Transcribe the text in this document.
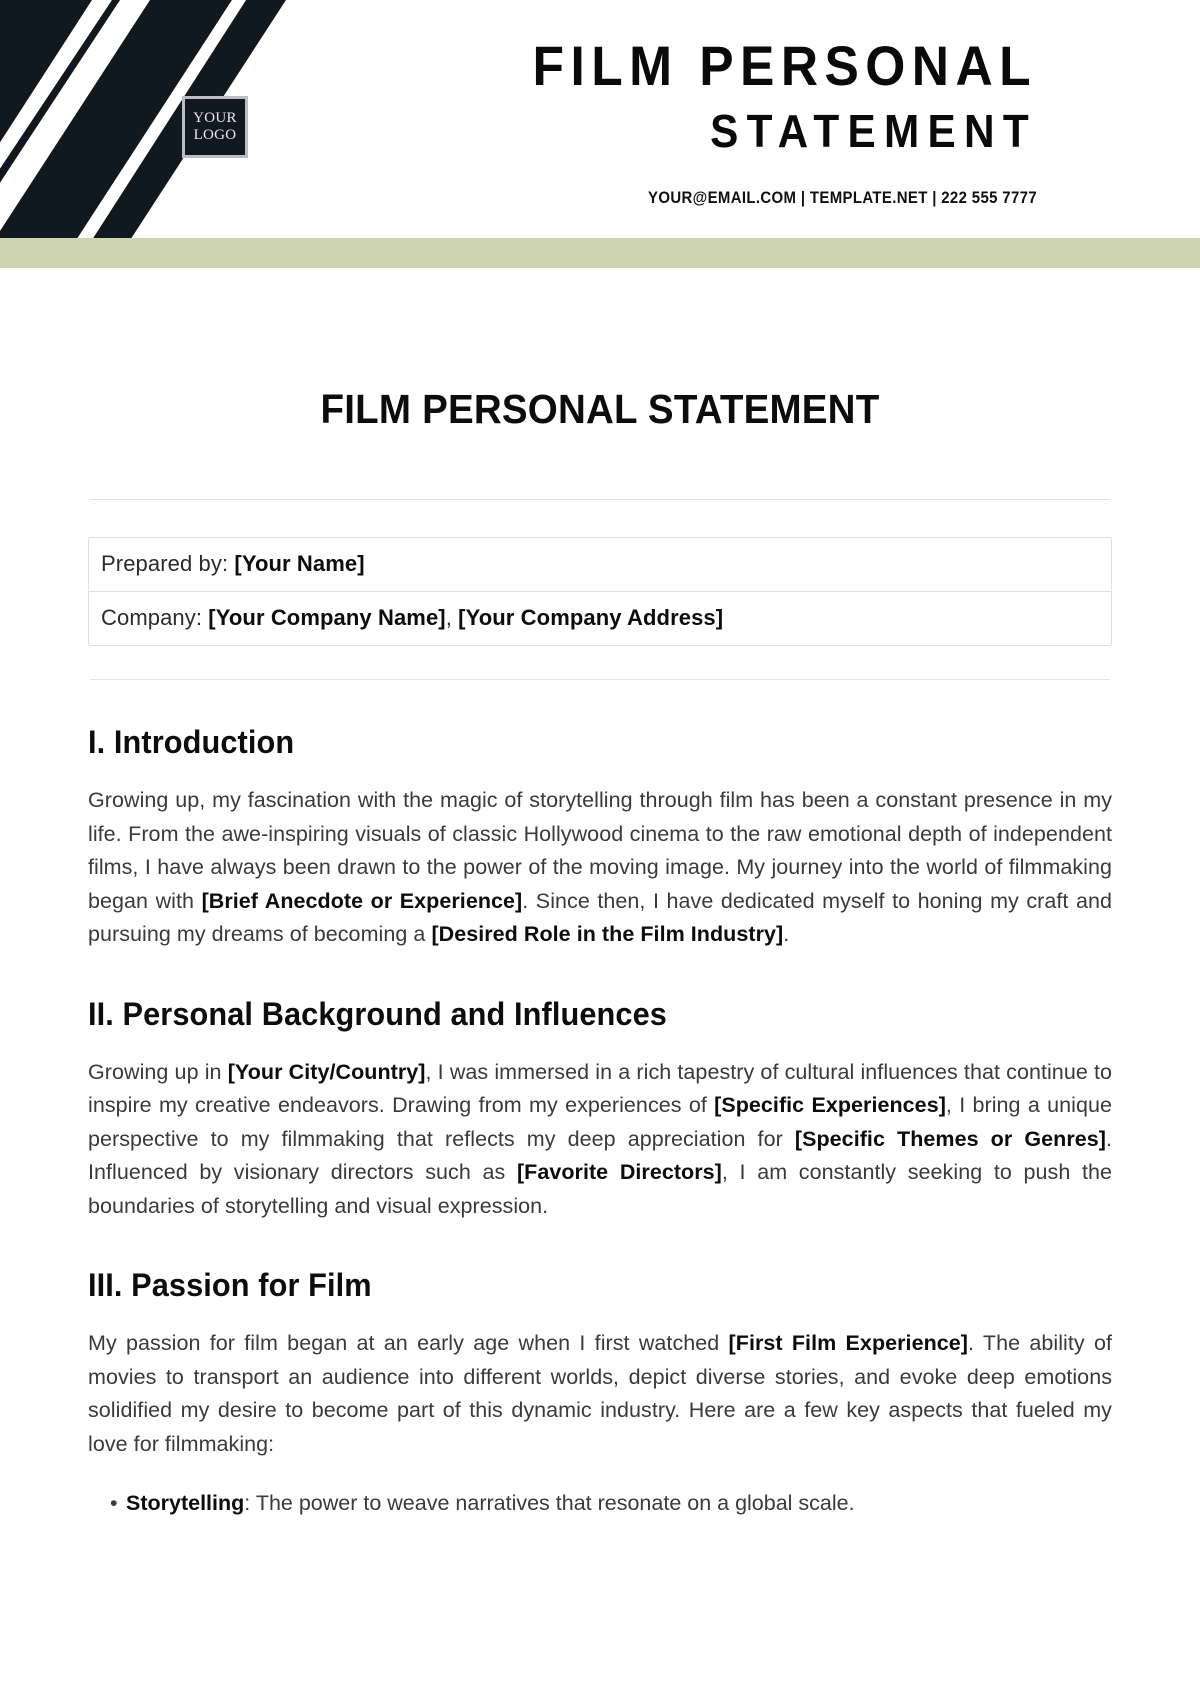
YOUR
LOGO
FILM PERSONAL
STATEMENT
YOUR@EMAIL.COM | TEMPLATE.NET | 222 555 7777
FILM PERSONAL STATEMENT
Prepared by: [Your Name]
Company: [Your Company Name], [Your Company Address]
I. Introduction

Growing up, my fascination with the magic of storytelling through film has been a constant presence in my life. From the awe-inspiring visuals of classic Hollywood cinema to the raw emotional depth of independent films, I have always been drawn to the power of the moving image. My journey into the world of filmmaking began with [Brief Anecdote or Experience]. Since then, I have dedicated myself to honing my craft and pursuing my dreams of becoming a [Desired Role in the Film Industry].

II. Personal Background and Influences

Growing up in [Your City/Country], I was immersed in a rich tapestry of cultural influences that continue to inspire my creative endeavors. Drawing from my experiences of [Specific Experiences], I bring a unique perspective to my filmmaking that reflects my deep appreciation for [Specific Themes or Genres]. Influenced by visionary directors such as [Favorite Directors], I am constantly seeking to push the boundaries of storytelling and visual expression.

III. Passion for Film

My passion for film began at an early age when I first watched [First Film Experience]. The ability of movies to transport an audience into different worlds, depict diverse stories, and evoke deep emotions solidified my desire to become part of this dynamic industry. Here are a few key aspects that fueled my love for filmmaking:

• Storytelling: The power to weave narratives that resonate on a global scale.
